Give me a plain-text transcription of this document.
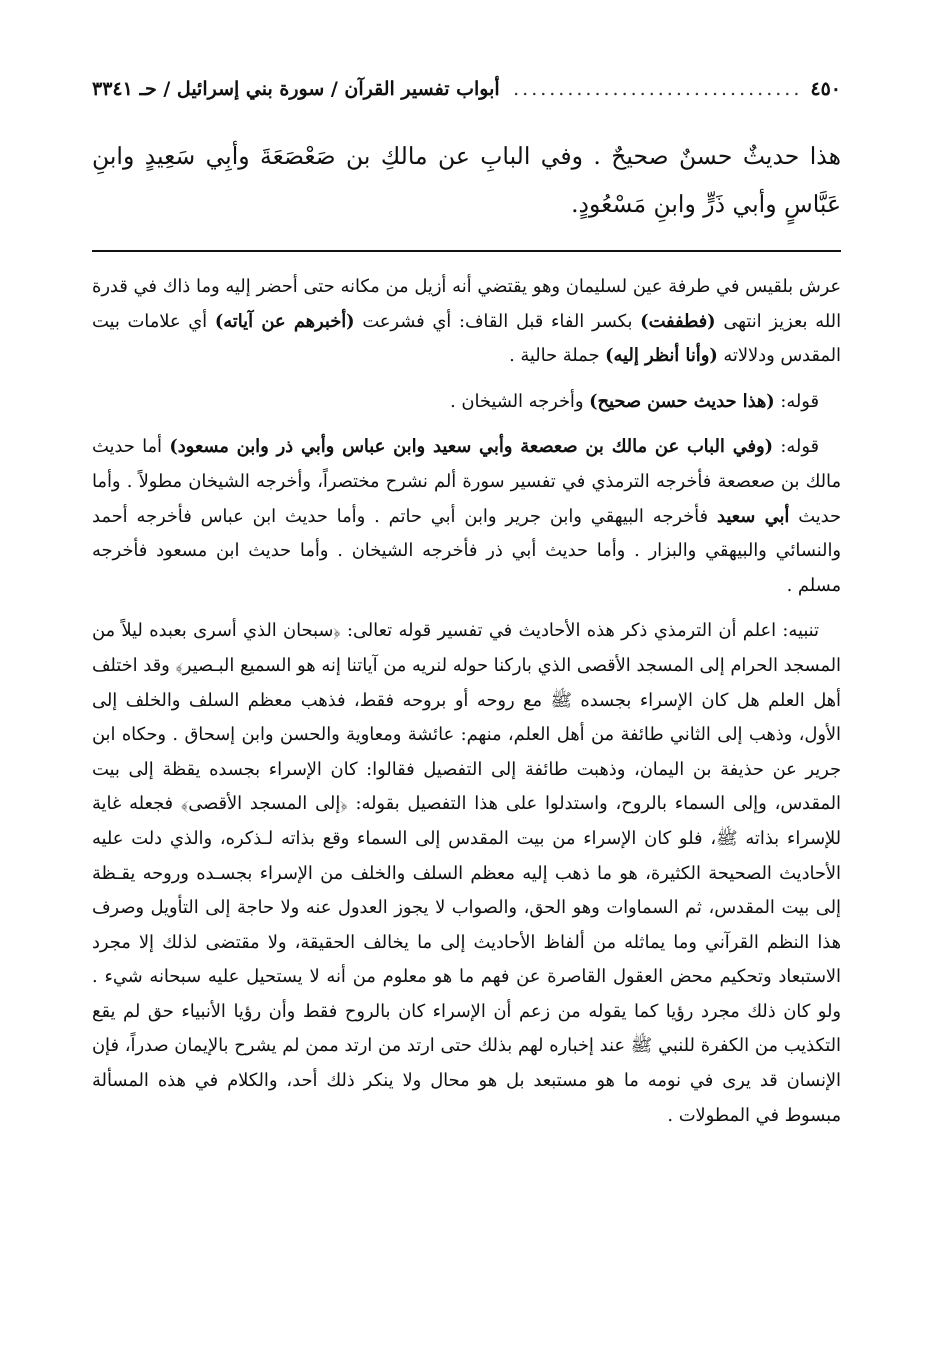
٤٥٠
................................
أبواب تفسير القرآن / سورة بني إسرائيل / حـ ٣٣٤١

هذا حديثٌ حسنٌ صحيحٌ . وفي البابِ عن مالكِ بن صَعْصَعَةَ وأبِي سَعِيدٍ وابنِ عَبَّاسٍ وأبي ذَرٍّ وابنِ مَسْعُودٍ.

عرش بلقيس في طرفة عين لسليمان وهو يقتضي أنه أزيل من مكانه حتى أحضر إليه وما ذاك في قدرة الله بعزيز انتهى (فطففت) بكسر الفاء قبل القاف: أي فشرعت (أخبرهم عن آياته) أي علامات بيت المقدس ودلالاته (وأنا أنظر إليه) جملة حالية .

قوله: (هذا حديث حسن صحيح) وأخرجه الشيخان .

قوله: (وفي الباب عن مالك بن صعصعة وأبي سعيد وابن عباس وأبي ذر وابن مسعود) أما حديث مالك بن صعصعة فأخرجه الترمذي في تفسير سورة ألم نشرح مختصراً، وأخرجه الشيخان مطولاً . وأما حديث أبي سعيد فأخرجه البيهقي وابن جرير وابن أبي حاتم . وأما حديث ابن عباس فأخرجه أحمد والنسائي والبيهقي والبزار . وأما حديث أبي ذر فأخرجه الشيخان . وأما حديث ابن مسعود فأخرجه مسلم .

تنبيه: اعلم أن الترمذي ذكر هذه الأحاديث في تفسير قوله تعالى: ﴿سبحان الذي أسرى بعبده ليلاً من المسجد الحرام إلى المسجد الأقصى الذي باركنا حوله لنريه من آياتنا إنه هو السميع البـصير﴾ وقد اختلف أهل العلم هل كان الإسراء بجسده ﷺ مع روحه أو بروحه فقط، فذهب معظم السلف والخلف إلى الأول، وذهب إلى الثاني طائفة من أهل العلم، منهم: عائشة ومعاوية والحسن وابن إسحاق . وحكاه ابن جرير عن حذيفة بن اليمان، وذهبت طائفة إلى التفصيل فقالوا: كان الإسراء بجسده يقظة إلى بيت المقدس، وإلى السماء بالروح، واستدلوا على هذا التفصيل بقوله: ﴿إلى المسجد الأقصى﴾ فجعله غاية للإسراء بذاته ﷺ، فلو كان الإسراء من بيت المقدس إلى السماء وقع بذاته لـذكره، والذي دلت عليه الأحاديث الصحيحة الكثيرة، هو ما ذهب إليه معظم السلف والخلف من الإسراء بجسـده وروحه يقـظة إلى بيت المقدس، ثم السماوات وهو الحق، والصواب لا يجوز العدول عنه ولا حاجة إلى التأويل وصرف هذا النظم القرآني وما يماثله من ألفاظ الأحاديث إلى ما يخالف الحقيقة، ولا مقتضى لذلك إلا مجرد الاستبعاد وتحكيم محض العقول القاصرة عن فهم ما هو معلوم من أنه لا يستحيل عليه سبحانه شيء . ولو كان ذلك مجرد رؤيا كما يقوله من زعم أن الإسراء كان بالروح فقط وأن رؤيا الأنبياء حق لم يقع التكذيب من الكفرة للنبي ﷺ عند إخباره لهم بذلك حتى ارتد من ارتد ممن لم يشرح بالإيمان صدراً، فإن الإنسان قد يرى في نومه ما هو مستبعد بل هو محال ولا ينكر ذلك أحد، والكلام في هذه المسألة مبسوط في المطولات .
